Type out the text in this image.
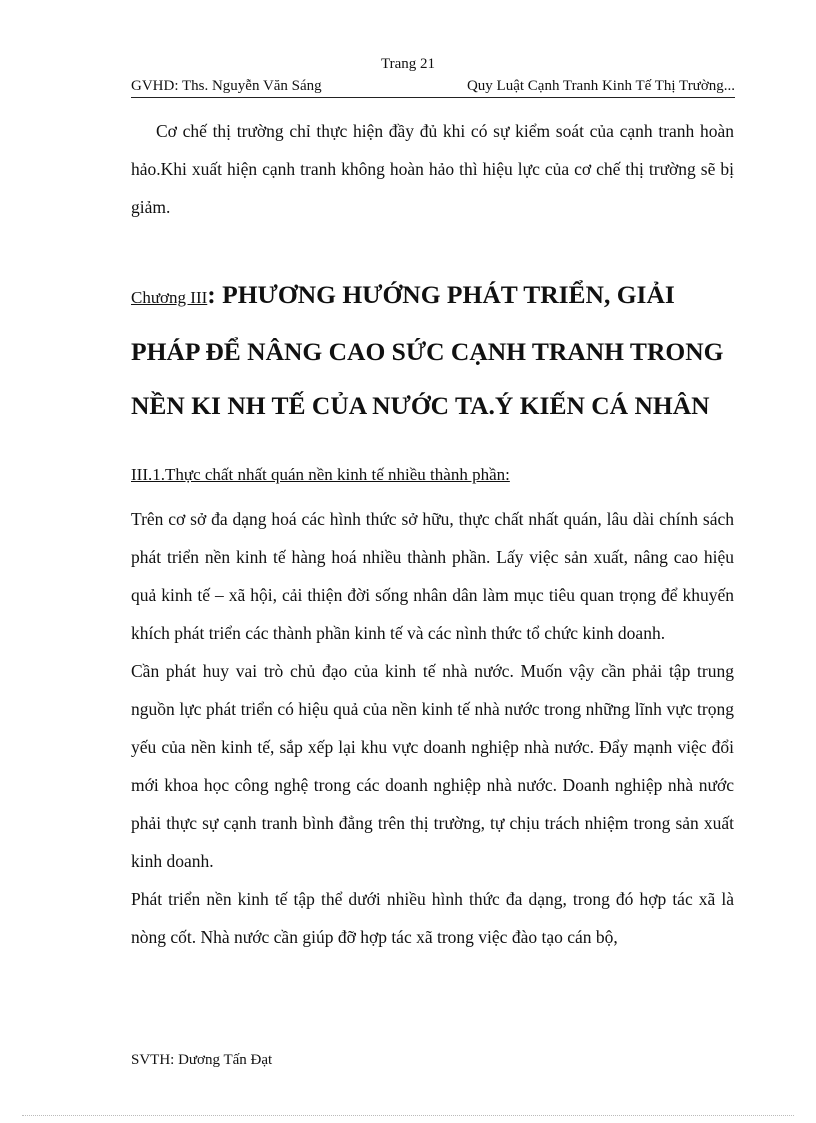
Trang 21
GVHD: Ths. Nguyễn Văn Sáng	Quy Luật Cạnh Tranh Kinh Tế Thị Trường...
Cơ chế thị trường chỉ thực hiện đầy đủ khi có sự kiểm soát của cạnh tranh hoàn hảo.Khi xuất hiện cạnh tranh không hoàn hảo thì hiệu lực của cơ chế thị trường sẽ bị giảm.
Chương III: PHƯƠNG HƯỚNG PHÁT TRIỂN, GIẢI PHÁP ĐỂ NÂNG CAO SỨC CẠNH TRANH TRONG NỀN KI NH TẾ CỦA NƯỚC TA.Ý KIẾN CÁ NHÂN
III.1.Thực chất nhất quán nền kinh tế nhiều thành phần:

Trên cơ sở đa dạng hoá các hình thức sở hữu, thực chất nhất quán, lâu dài chính sách phát triển nền kinh tế hàng hoá nhiều thành phần. Lấy việc sản xuất, nâng cao hiệu quả kinh tế – xã hội, cải thiện đời sống nhân dân làm mục tiêu quan trọng để khuyến khích phát triển các thành phần kinh tế và các nình thức tổ chức kinh doanh.

Cần phát huy vai trò chủ đạo của kinh tế nhà nước. Muốn vậy cần phải tập trung nguồn lực phát triển có hiệu quả của nền kinh tế nhà nước trong những lĩnh vực trọng yếu của nền kinh tế, sắp xếp lại khu vực doanh nghiệp nhà nước. Đẩy mạnh việc đổi mới khoa học công nghệ trong các doanh nghiệp nhà nước. Doanh nghiệp nhà nước phải thực sự cạnh tranh bình đẳng trên thị trường, tự chịu trách nhiệm trong sản xuất kinh doanh.

Phát triển nền kinh tế tập thể dưới nhiều hình thức đa dạng, trong đó hợp tác xã là nòng cốt. Nhà nước cần giúp đỡ hợp tác xã trong việc đào tạo cán bộ,

SVTH: Dương Tấn Đạt
